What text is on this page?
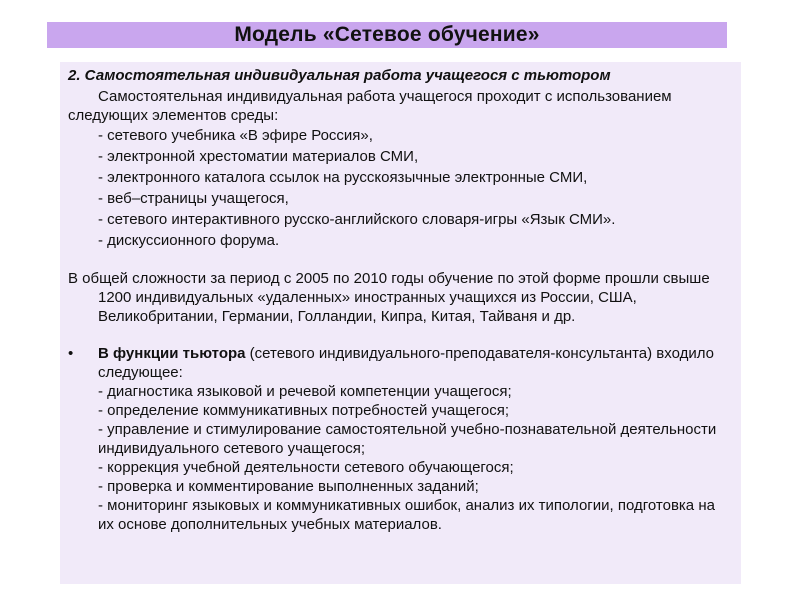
Модель «Сетевое обучение»

2. Самостоятельная индивидуальная работа учащегося с тьютором

Самостоятельная индивидуальная работа учащегося проходит с использованием следующих элементов среды:

- сетевого учебника «В эфире Россия»,

- электронной хрестоматии материалов СМИ,

- электронного каталога ссылок на русскоязычные электронные СМИ,

- веб–страницы учащегося,

- сетевого интерактивного русско-английского словаря-игры «Язык СМИ».

- дискуссионного форума.

В общей сложности за период с 2005 по 2010 годы обучение по этой форме прошли свыше 1200 индивидуальных «удаленных» иностранных учащихся из России, США, Великобритании, Германии, Голландии, Кипра, Китая, Тайваня и др.

•	В функции тьютора (сетевого индивидуального-преподавателя-консультанта) входило следующее:

- диагностика языковой и речевой компетенции учащегося;

- определение коммуникативных потребностей учащегося;

- управление и стимулирование самостоятельной учебно-познавательной деятельности индивидуального сетевого учащегося;

- коррекция учебной деятельности сетевого обучающегося;

- проверка и комментирование выполненных заданий;

- мониторинг языковых и коммуникативных ошибок, анализ их типологии, подготовка на их основе дополнительных учебных материалов.
